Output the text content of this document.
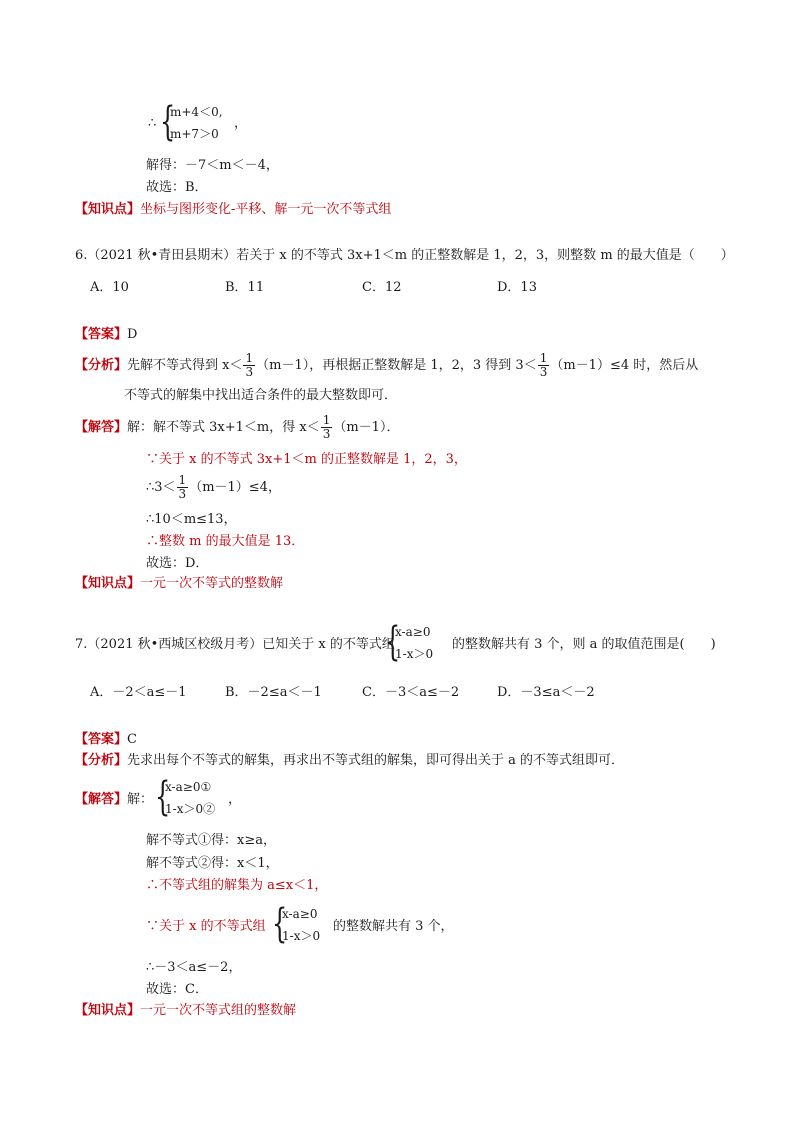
∴ {
m+4＜0,
m+7＞0
，
解得：－7＜m＜－4，
故选：B．
【知识点】坐标与图形变化-平移、解一元一次不等式组
6.（2021 秋•青田县期末）若关于 x 的不等式 3x+1＜m 的正整数解是 1，2，3，则整数 m 的最大值是（　　）
A．10	B．11	C．12	D．13
【答案】D
【分析】先解不等式得到 $x< \frac{1}{3} (m-1)$，再根据正整数解是 1，2，3 得到 $3< \frac{1}{3} (m-1)\le 4$ 时，然后从
不等式的解集中找出适合条件的最大整数即可．
【解答】解：解不等式 3x+1＜m，得 $x< \frac{1}{3} (m-1)$．
∵关于 x 的不等式 3x+1＜m 的正整数解是 1，2，3，
∴3＜ $\frac{1}{3} (m-1)\le 4$，
∴10＜m≤13，
∴整数 m 的最大值是 13．
故选：D．
【知识点】一元一次不等式的整数解
7.（2021 秋•西城区校级月考）已知关于 x 的不等式组
{
x-a≥0
1-x＞0
的整数解共有 3 个，则 a 的取值范围是(　　)
A．－2＜a≤－1	B．－2≤a＜－1	C．－3＜a≤－2	D．－3≤a＜－2
【答案】C
【分析】先求出每个不等式的解集，再求出不等式组的解集，即可得出关于 a 的不等式组即可．
【解答】解： {
x-a≥0①
1-x＞0②
，
解不等式①得：x≥a，
解不等式②得：x＜1，
∴不等式组的解集为 a≤x＜1，
∵关于 x 的不等式组 {
x-a≥0
1-x＞0
的整数解共有 3 个，
∴－3＜a≤－2，
故选：C．
【知识点】一元一次不等式组的整数解
